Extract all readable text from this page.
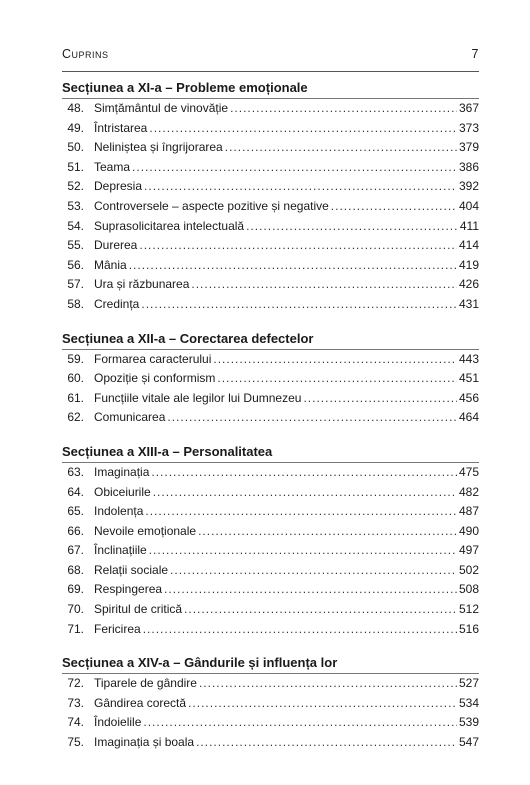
Cuprins	7
Secțiunea a XI-a – Probleme emoționale
48. Simțământul de vinovăție .....	367
49. Întristarea .....	373
50. Neliniștea și îngrijorarea .....	379
51. Teama .....	386
52. Depresia .....	392
53. Controversele – aspecte pozitive și negative .....	404
54. Suprasolicitarea intelectuală .....	411
55. Durerea .....	414
56. Mânia .....	419
57. Ura și răzbunarea .....	426
58. Credința .....	431
Secțiunea a XII-a – Corectarea defectelor
59. Formarea caracterului .....	443
60. Opoziție și conformism .....	451
61. Funcțiile vitale ale legilor lui Dumnezeu .....	456
62. Comunicarea .....	464
Secțiunea a XIII-a – Personalitatea
63. Imaginația .....	475
64. Obiceiurile .....	482
65. Indolența .....	487
66. Nevoile emoționale .....	490
67. Înclinațiile .....	497
68. Relații sociale .....	502
69. Respingerea .....	508
70. Spiritul de critică .....	512
71. Fericirea .....	516
Secțiunea a XIV-a – Gândurile și influența lor
72. Tiparele de gândire .....	527
73. Gândirea corectă .....	534
74. Îndoielile .....	539
75. Imaginația și boala .....	547
